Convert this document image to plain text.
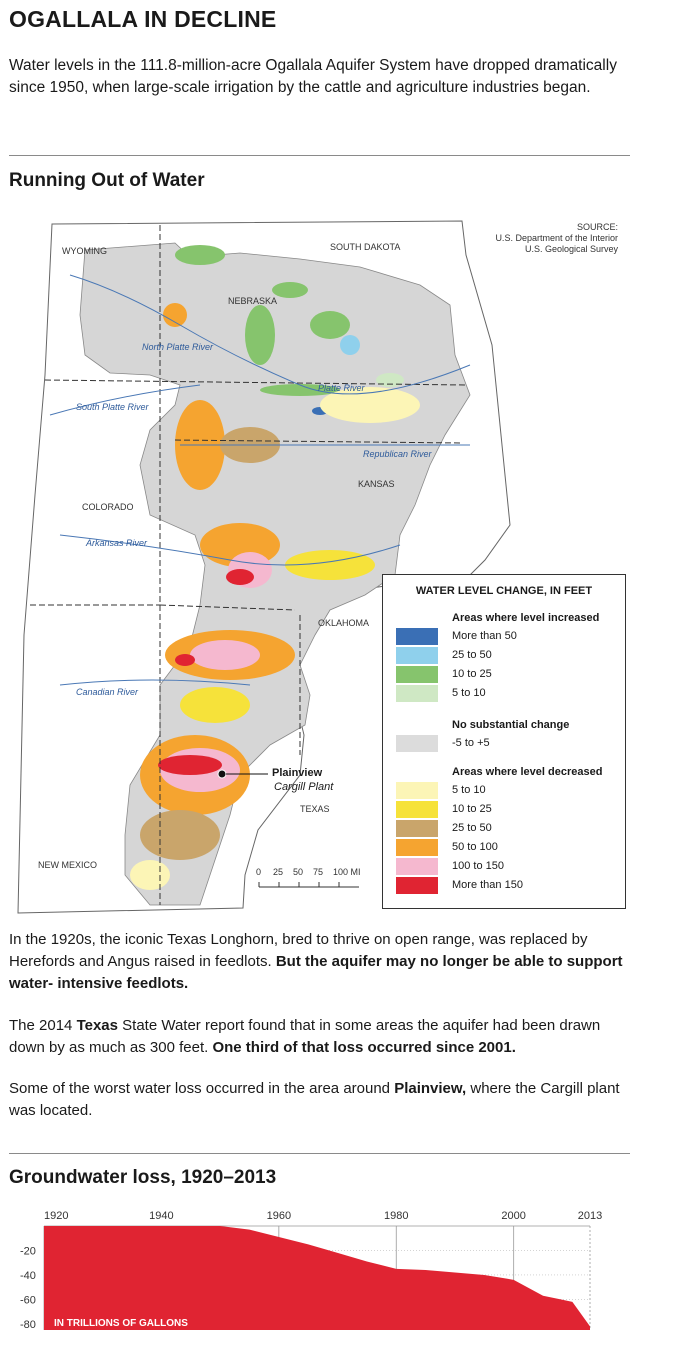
OGALLALA IN DECLINE
Water levels in the 111.8-million-acre Ogallala Aquifer System have dropped dramatically since 1950, when large-scale irrigation by the cattle and agriculture industries began.
Running Out of Water
SOURCE:
U.S. Department of the Interior
U.S. Geological Survey
WYOMING	SOUTH DAKOTA
NEBRASKA
COLORADO
KANSAS
OKLAHOMA
TEXAS
NEW MEXICO
North Platte River
South Platte River
Platte River
Republican River
Arkansas River
Canadian River
Plainview
Cargill Plant
0 25 50 75 100 MI
WATER LEVEL CHANGE, IN FEET
Areas where level increased
More than 50
25 to 50
10 to 25
5 to 10
No substantial change
-5 to +5
Areas where level decreased
5 to 10
10 to 25
25 to 50
50 to 100
100 to 150
More than 150
In the 1920s, the iconic Texas Longhorn, bred to thrive on open range, was replaced by Herefords and Angus raised in feedlots. But the aquifer may no longer be able to support water- intensive feedlots.
The 2014 Texas State Water report found that in some areas the aquifer had been drawn down by as much as 300 feet. One third of that loss occurred since 2001.
Some of the worst water loss occurred in the area around Plainview, where the Cargill plant was located.
Groundwater loss, 1920–2013
1920	1940	1960	1980	2000	2013
-20
-40
-60
-80 IN TRILLIONS OF GALLONS
